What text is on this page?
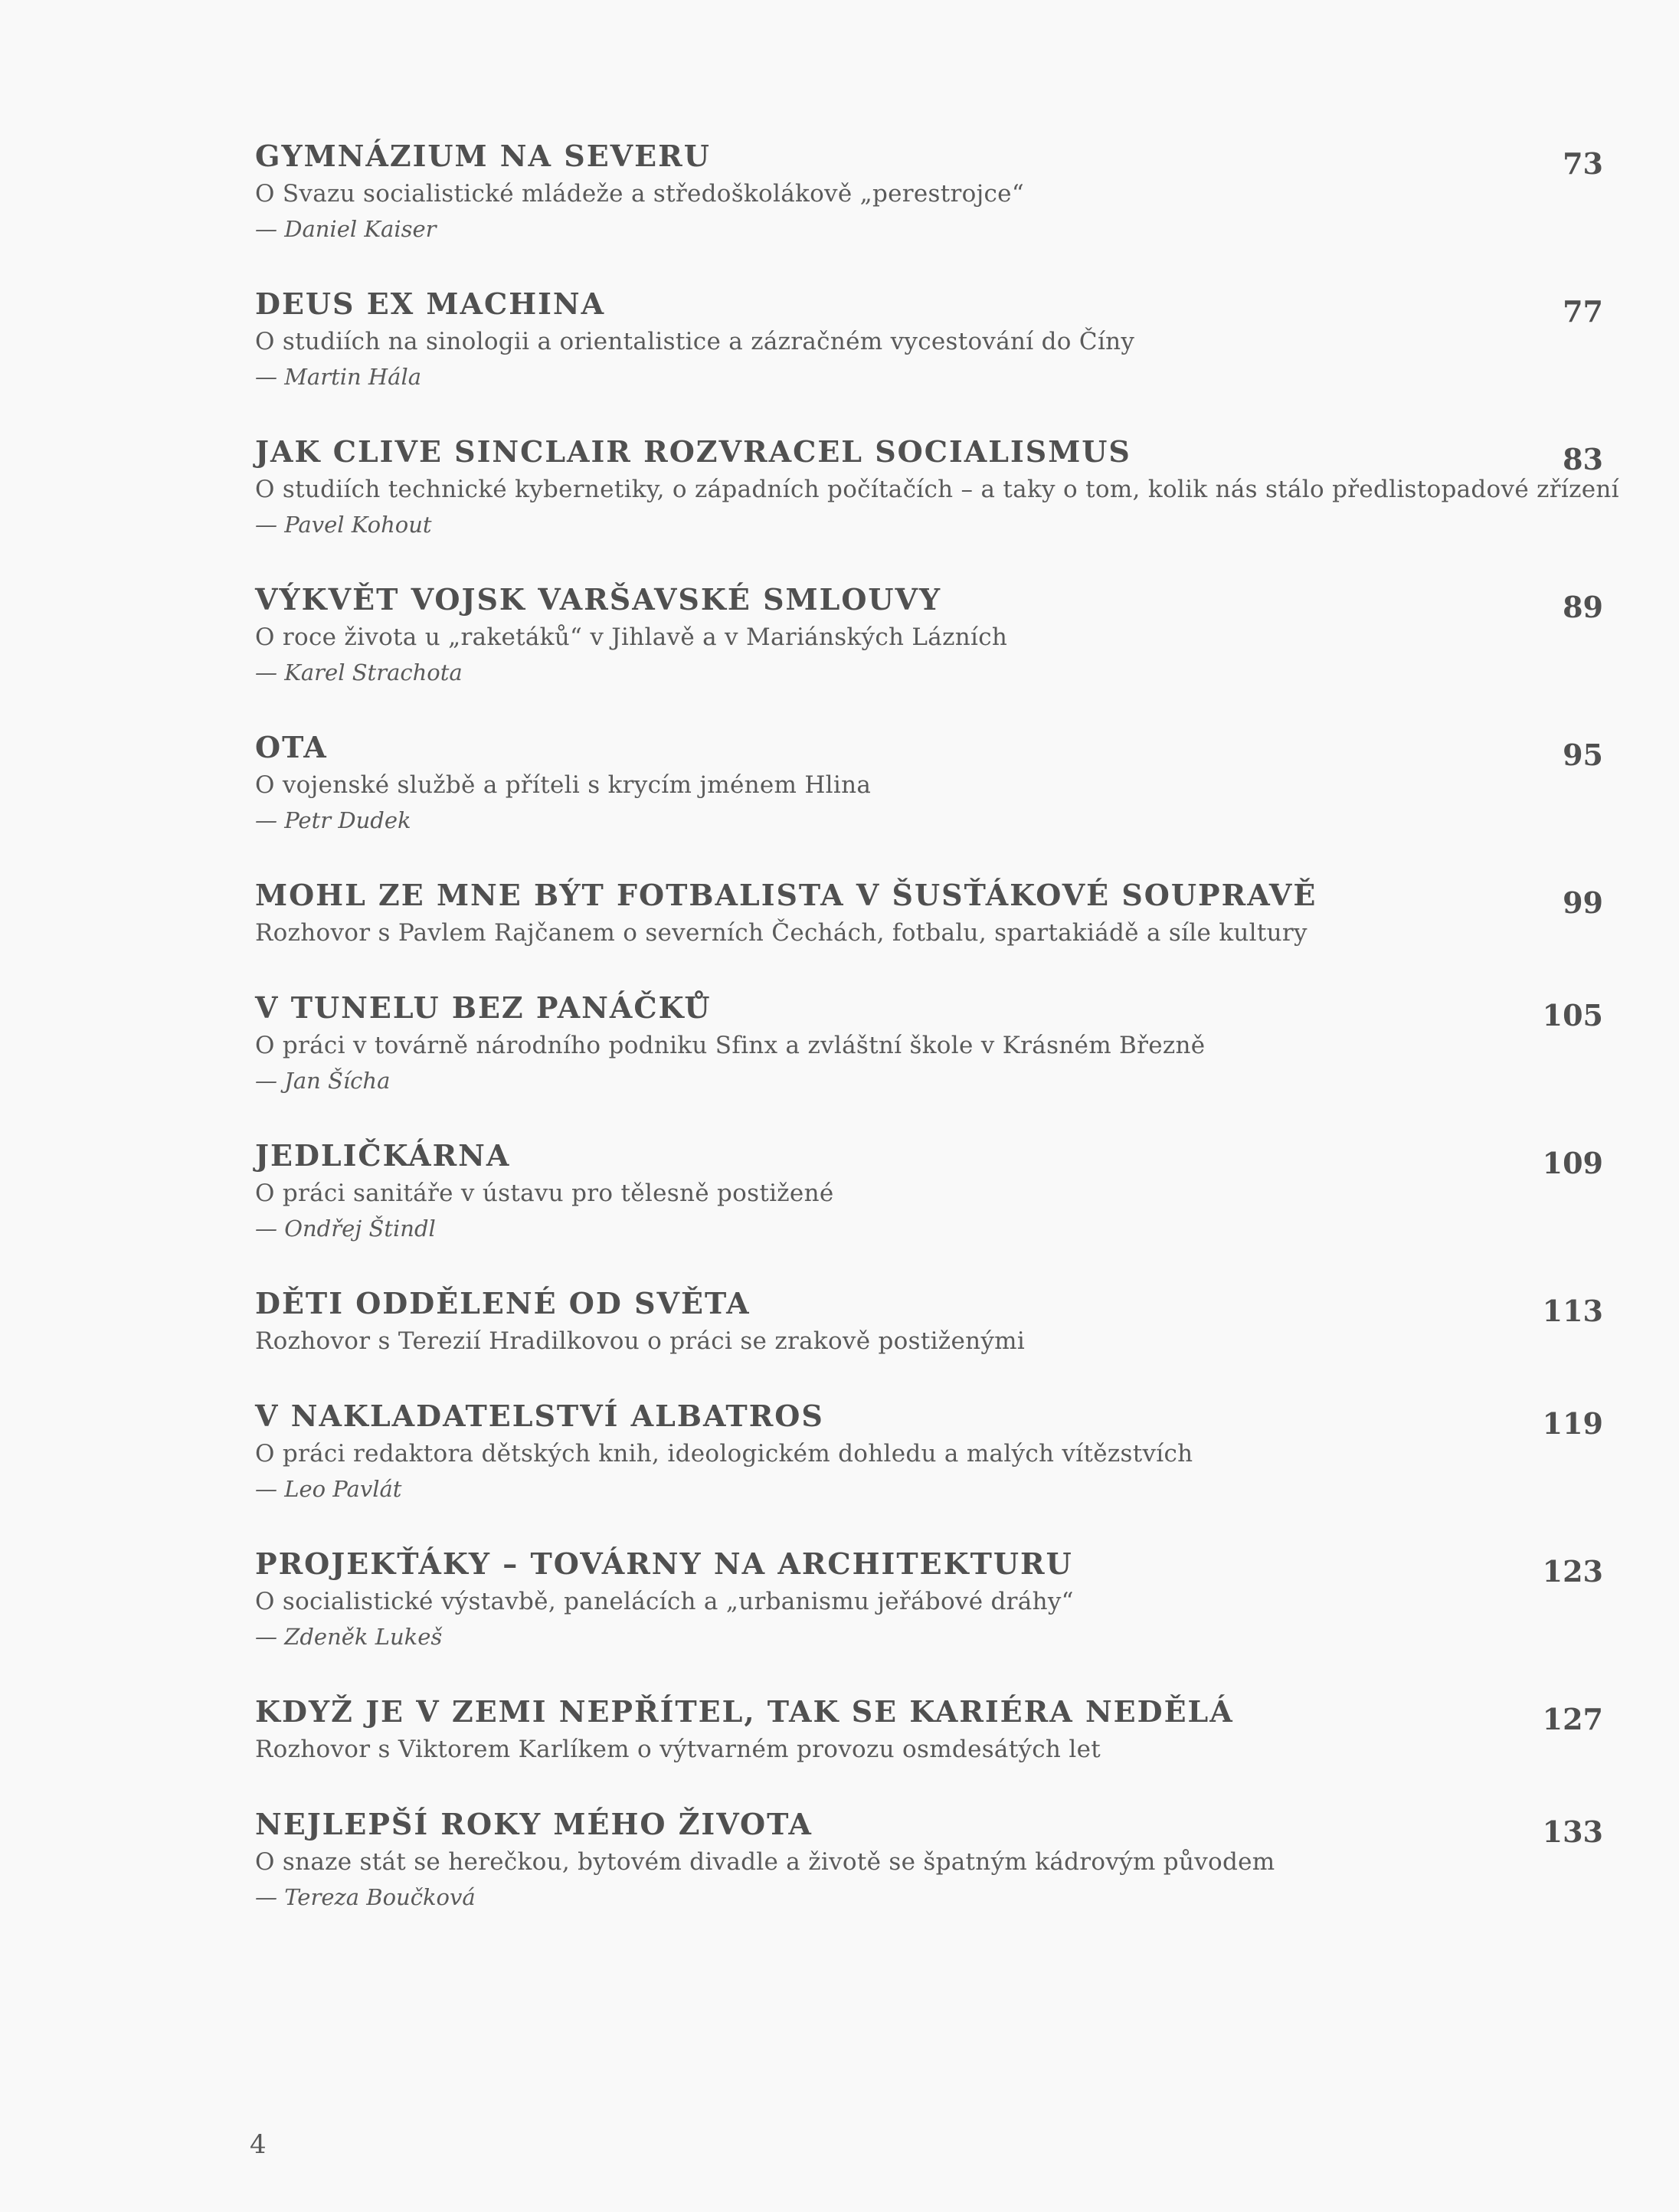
GYMNÁZIUM NA SEVERU
O Svazu socialistické mládeže a středoškolákově „perestrojce“
— Daniel Kaiser
73
DEUS EX MACHINA
O studiích na sinologii a orientalistice a zázračném vycestování do Číny
— Martin Hála
77
JAK CLIVE SINCLAIR ROZVRACEL SOCIALISMUS
O studiích technické kybernetiky, o západních počítačích – a taky o tom, kolik nás stálo předlistopadové zřízení
— Pavel Kohout
83
VÝKVĚT VOJSK VARŠAVSKÉ SMLOUVY
O roce života u „raketáků“ v Jihlavě a v Mariánských Lázních
— Karel Strachota
89
OTA
O vojenské službě a příteli s krycím jménem Hlina
— Petr Dudek
95
MOHL ZE MNE BÝT FOTBALISTA V ŠUSŤÁKOVÉ SOUPRAVĚ
Rozhovor s Pavlem Rajčanem o severních Čechách, fotbalu, spartakiádě a síle kultury
99
V TUNELU BEZ PANÁČKŮ
O práci v továrně národního podniku Sfinx a zvláštní škole v Krásném Březně
— Jan Šícha
105
JEDLIČKÁRNA
O práci sanitáře v ústavu pro tělesně postižené
— Ondřej Štindl
109
DĚTI ODDĚLENÉ OD SVĚTA
Rozhovor s Terezií Hradilkovou o práci se zrakově postiženými
113
V NAKLADATELSTVÍ ALBATROS
O práci redaktora dětských knih, ideologickém dohledu a malých vítězstvích
— Leo Pavlát
119
PROJEKŤÁKY – TOVÁRNY NA ARCHITEKTURU
O socialistické výstavbě, panelácích a „urbanismu jeřábové dráhy“
— Zdeněk Lukeš
123
KDYŽ JE V ZEMI NEPŘÍTEL, TAK SE KARIÉRA NEDĚLÁ
Rozhovor s Viktorem Karlíkem o výtvarném provozu osmdesátých let
127
NEJLEPŠÍ ROKY MÉHO ŽIVOTA
O snaze stát se herečkou, bytovém divadle a životě se špatným kádrovým původem
— Tereza Boučková
133
4
